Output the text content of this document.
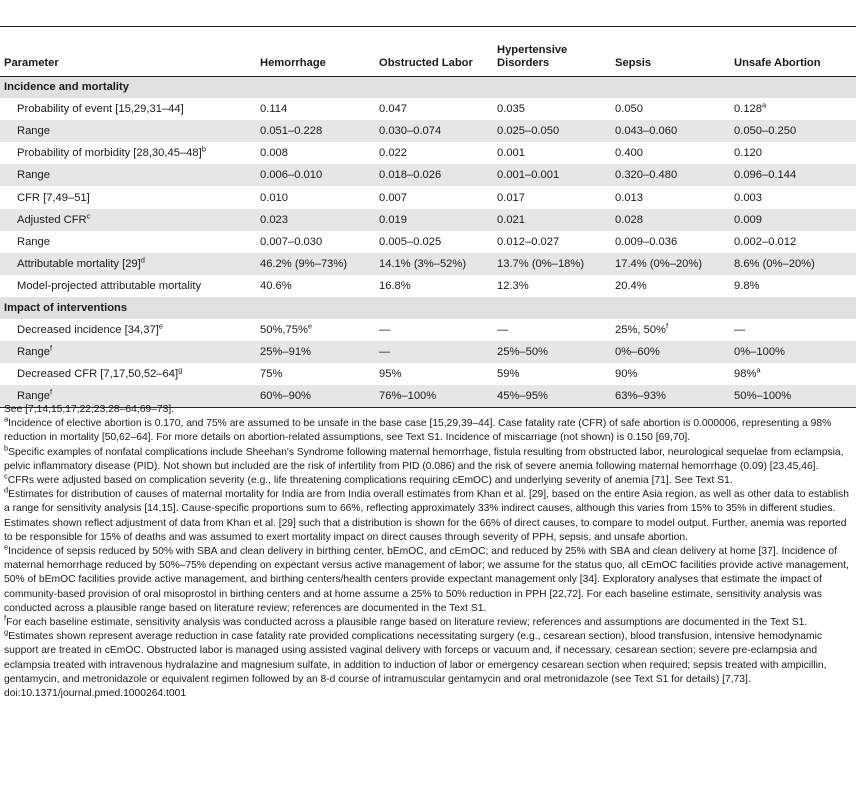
Parameter	Hemorrhage	Obstructed Labor	Hypertensive Disorders	Sepsis	Unsafe Abortion
Incidence and mortality					
Probability of event [15,29,31–44]	0.114	0.047	0.035	0.050	0.128$^a$
Range	0.051–0.228	0.030–0.074	0.025–0.050	0.043–0.060	0.050–0.250
Probability of morbidity $[28,30,45-48]^b$	0.008	0.022	0.001	0.400	0.120
Range	0.006–0.010	0.018–0.026	0.001–0.001	0.320–0.480	0.096–0.144
CFR [7,49–51]	0.010	0.007	0.017	0.013	0.003
Adjusted CFR$^c$	0.023	0.019	0.021	0.028	0.009
Range	0.007–0.030	0.005–0.025	0.012–0.027	0.009–0.036	0.002–0.012
Attributable mortality $[29]^d$	46.2% (9%–73%)	14.1% (3%–52%)	13.7% (0%–18%)	17.4% (0%–20%)	8.6% (0%–20%)
Model-projected attributable mortality	40.6%	16.8%	12.3%	20.4%	9.8%
Impact of interventions					
Decreased incidence $[34,37]^e$	50%,75%$^e$	—	—	25%, 50%$^f$	—
Range$^f$	25%–91%	—	25%–50%	0%–60%	0%–100%
Decreased CFR $[7,17,50,52-64]^g$	75%	95%	59%	90%	98%$^a$
Range$^f$	60%–90%	76%–100%	45%–95%	63%–93%	50%–100%

See [7,14,15,17,22,23,28–64,69–73].

$^a$Incidence of elective abortion is 0.170, and 75% are assumed to be unsafe in the base case [15,29,39–44]. Case fatality rate (CFR) of safe abortion is 0.000006, representing a 98% reduction in mortality [50,62–64]. For more details on abortion-related assumptions, see Text S1. Incidence of miscarriage (not shown) is 0.150 [69,70].

$^b$Specific examples of nonfatal complications include Sheehan's Syndrome following maternal hemorrhage, fistula resulting from obstructed labor, neurological sequelae from eclampsia, pelvic inflammatory disease (PID). Not shown but included are the risk of infertility from PID (0.086) and the risk of severe anemia following maternal hemorrhage (0.09) [23,45,46].

$^c$CFRs were adjusted based on complication severity (e.g., life threatening complications requiring cEmOC) and underlying severity of anemia [71]. See Text S1.

$^d$Estimates for distribution of causes of maternal mortality for India are from India overall estimates from Khan et al. [29], based on the entire Asia region, as well as other data to establish a range for sensitivity analysis [14,15]. Cause-specific proportions sum to 66%, reflecting approximately 33% indirect causes, although this varies from 15% to 35% in different studies. Estimates shown reflect adjustment of data from Khan et al. [29] such that a distribution is shown for the 66% of direct causes, to compare to model output. Further, anemia was reported to be responsible for 15% of deaths and was assumed to exert mortality impact on direct causes through severity of PPH, sepsis, and unsafe abortion.

$^e$Incidence of sepsis reduced by 50% with SBA and clean delivery in birthing center, bEmOC, and cEmOC; and reduced by 25% with SBA and clean delivery at home [37]. Incidence of maternal hemorrhage reduced by 50%–75% depending on expectant versus active management of labor; we assume for the status quo, all cEmOC facilities provide active management, 50% of bEmOC facilities provide active management, and birthing centers/health centers provide expectant management only [34]. Exploratory analyses that estimate the impact of community-based provision of oral misoprostol in birthing centers and at home assume a 25% to 50% reduction in PPH [22,72]. For each baseline estimate, sensitivity analysis was conducted across a plausible range based on literature review; references are documented in the Text S1.

$^f$For each baseline estimate, sensitivity analysis was conducted across a plausible range based on literature review; references and assumptions are documented in the Text S1.

$^g$Estimates shown represent average reduction in case fatality rate provided complications necessitating surgery (e.g., cesarean section), blood transfusion, intensive hemodynamic support are treated in cEmOC. Obstructed labor is managed using assisted vaginal delivery with forceps or vacuum and, if necessary, cesarean section; severe pre-eclampsia and eclampsia treated with intravenous hydralazine and magnesium sulfate, in addition to induction of labor or emergency cesarean section when required; sepsis treated with ampicillin, gentamycin, and metronidazole or equivalent regimen followed by an 8-d course of intramuscular gentamycin and oral metronidazole (see Text S1 for details) [7,73].

doi:10.1371/journal.pmed.1000264.t001
